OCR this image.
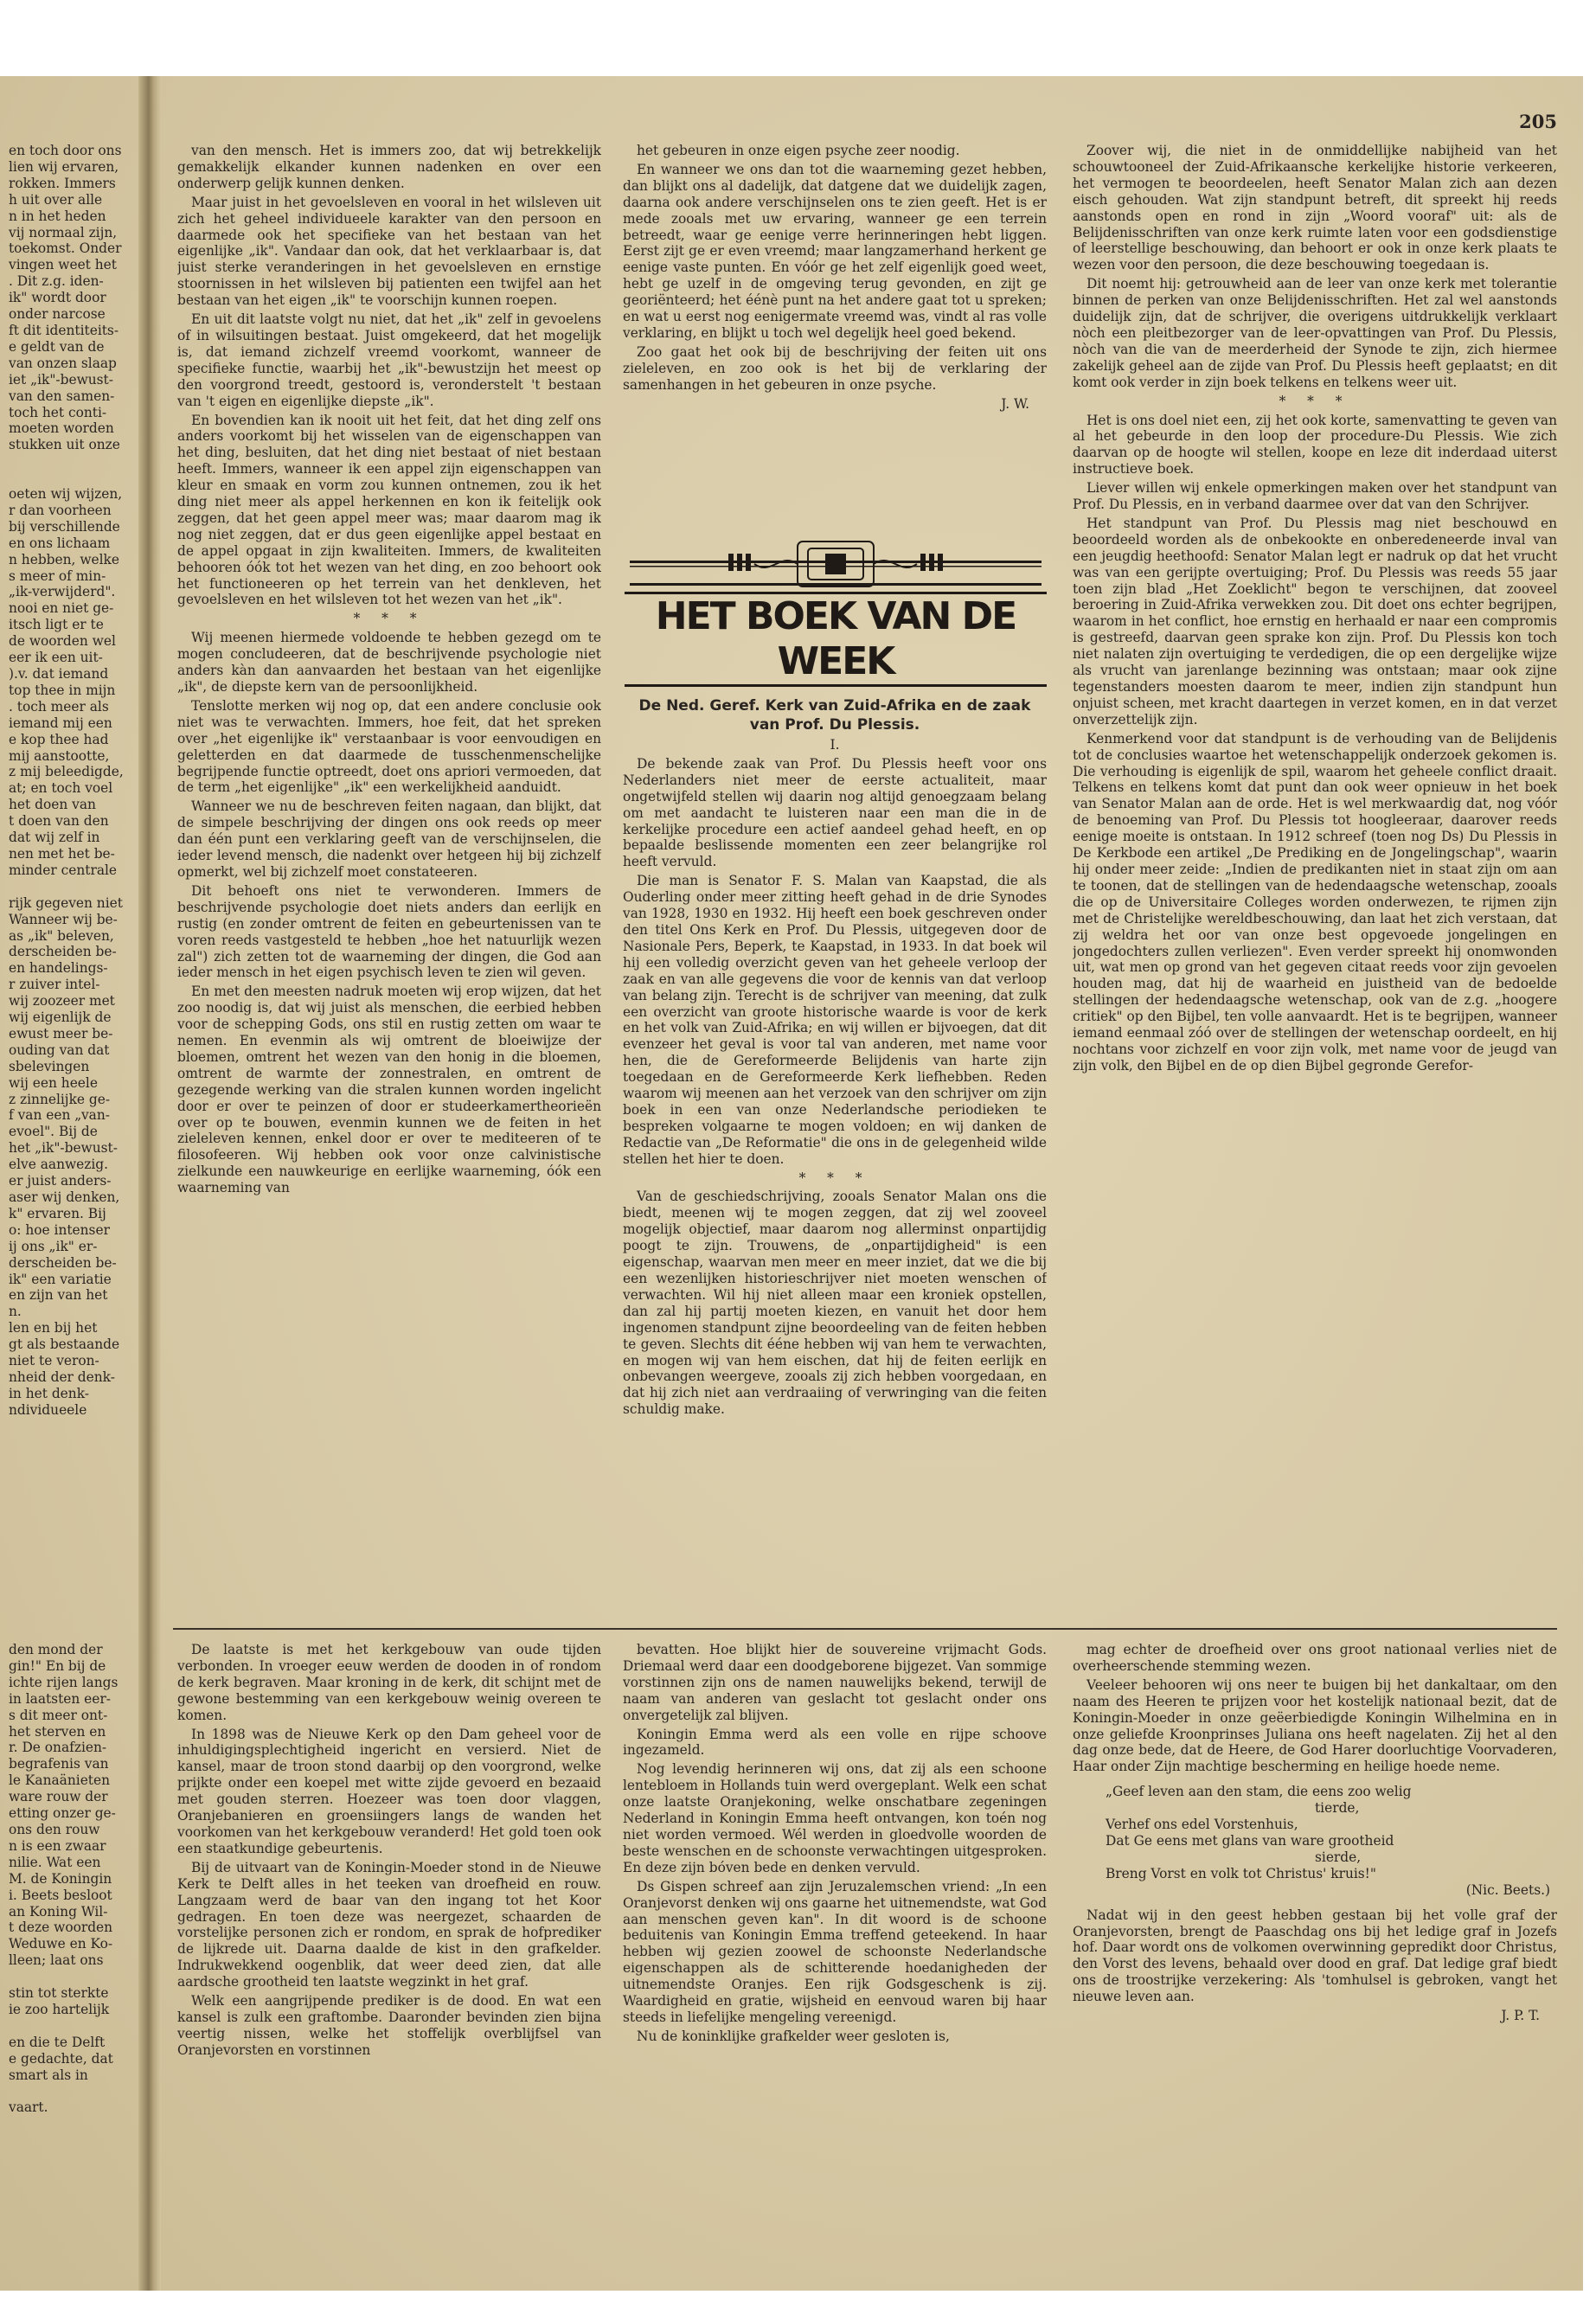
205
en toch door ons
lien wij ervaren,
rokken. Immers
h uit over alle
n in het heden
vij normaal zijn,
toekomst. Onder
vingen weet het
. Dit z.g. iden-
ik" wordt door
onder narcose
ft dit identiteits-
e geldt van de
van onzen slaap
iet „ik"-bewust-
van den samen-
toch het conti-
moeten worden
stukken uit onze

oeten wij wijzen,
r dan voorheen
bij verschillende
en ons lichaam
n hebben, welke
s meer of min-
„ik-verwijderd".
nooi en niet ge-
itsch ligt er te
de woorden wel
eer ik een uit-
).v. dat iemand
top thee in mijn
. toch meer als
iemand mij een
e kop thee had
mij aanstootte,
z mij beleedigde,
at; en toch voel
het doen van
t doen van den
dat wij zelf in
nen met het be-
minder centrale

rijk gegeven niet
Wanneer wij be-
as „ik" beleven,
derscheiden be-
en handelings-
r zuiver intel-
wij zoozeer met
wij eigenlijk de
ewust meer be-
ouding van dat
sbelevingen
wij een heele
z zinnelijke ge-
f van een „van-
evoel". Bij de
het „ik"-bewust-
elve aanwezig.
er juist anders-
aser wij denken,
k" ervaren. Bij
o: hoe intenser
ij ons „ik" er-
derscheiden be-
ik" een variatie
en zijn van het
n.
len en bij het
gt als bestaande
niet te veron-
nheid der denk-
in het denk-
ndividueele
den mond der
gin!" En bij de
ichte rijen langs
in laatsten eer-
s dit meer ont-
het sterven en
r. De onafzien-
begrafenis van
le Kanaänieten
ware rouw der
etting onzer ge-
ons den rouw
n is een zwaar
nilie. Wat een
M. de Koningin
i. Beets besloot
an Koning Wil-
t deze woorden
Weduwe en Ko-
lleen; laat ons

stin tot sterkte
ie zoo hartelijk

en die te Delft
e gedachte, dat
smart als in

vaart.

van den mensch. Het is immers zoo, dat wij betrekkelijk gemakkelijk elkander kunnen nadenken en over een onderwerp gelijk kunnen denken.

Maar juist in het gevoelsleven en vooral in het wilsleven uit zich het geheel individueele karakter van den persoon en daarmede ook het specifieke van het bestaan van het eigenlijke „ik". Vandaar dan ook, dat het verklaarbaar is, dat juist sterke veranderingen in het gevoelsleven en ernstige stoornissen in het wilsleven bij patienten een twijfel aan het bestaan van het eigen „ik" te voorschijn kunnen roepen.

En uit dit laatste volgt nu niet, dat het „ik" zelf in gevoelens of in wilsuitingen bestaat. Juist omgekeerd, dat het mogelijk is, dat iemand zichzelf vreemd voorkomt, wanneer de specifieke functie, waarbij het „ik"-bewustzijn het meest op den voorgrond treedt, gestoord is, veronderstelt 't bestaan van 't eigen en eigenlijke diepste „ik".

En bovendien kan ik nooit uit het feit, dat het ding zelf ons anders voorkomt bij het wisselen van de eigenschappen van het ding, besluiten, dat het ding niet bestaat of niet bestaan heeft. Immers, wanneer ik een appel zijn eigenschappen van kleur en smaak en vorm zou kunnen ontnemen, zou ik het ding niet meer als appel herkennen en kon ik feitelijk ook zeggen, dat het geen appel meer was; maar daarom mag ik nog niet zeggen, dat er dus geen eigenlijke appel bestaat en de appel opgaat in zijn kwaliteiten. Immers, de kwaliteiten behooren óók tot het wezen van het ding, en zoo behoort ook het functioneeren op het terrein van het denkleven, het gevoelsleven en het wilsleven tot het wezen van het „ik".

* * *

Wij meenen hiermede voldoende te hebben gezegd om te mogen concludeeren, dat de beschrijvende psychologie niet anders kàn dan aanvaarden het bestaan van het eigenlijke „ik", de diepste kern van de persoonlijkheid.

Tenslotte merken wij nog op, dat een andere conclusie ook niet was te verwachten. Immers, hoe feit, dat het spreken over „het eigenlijke ik" verstaanbaar is voor eenvoudigen en geletterden en dat daarmede de tusschenmenschelijke begrijpende functie optreedt, doet ons apriori vermoeden, dat de term „het eigenlijke" „ik" een werkelijkheid aanduidt.

Wanneer we nu de beschreven feiten nagaan, dan blijkt, dat de simpele beschrijving der dingen ons ook reeds op meer dan één punt een verklaring geeft van de verschijnselen, die ieder levend mensch, die nadenkt over hetgeen hij bij zichzelf opmerkt, wel bij zichzelf moet constateeren.

Dit behoeft ons niet te verwonderen. Immers de beschrijvende psychologie doet niets anders dan eerlijk en rustig (en zonder omtrent de feiten en gebeurtenissen van te voren reeds vastgesteld te hebben „hoe het natuurlijk wezen zal") zich zetten tot de waarneming der dingen, die God aan ieder mensch in het eigen psychisch leven te zien wil geven.

En met den meesten nadruk moeten wij erop wijzen, dat het zoo noodig is, dat wij juist als menschen, die eerbied hebben voor de schepping Gods, ons stil en rustig zetten om waar te nemen. En evenmin als wij omtrent de bloeiwijze der bloemen, omtrent het wezen van den honig in die bloemen, omtrent de warmte der zonnestralen, en omtrent de gezegende werking van die stralen kunnen worden ingelicht door er over te peinzen of door er studeerkamertheorieën over op te bouwen, evenmin kunnen we de feiten in het zieleleven kennen, enkel door er over te mediteeren of te filosofeeren. Wij hebben ook voor onze calvinistische zielkunde een nauwkeurige en eerlijke waarneming, óók een waarneming van

het gebeuren in onze eigen psyche zeer noodig.

En wanneer we ons dan tot die waarneming gezet hebben, dan blijkt ons al dadelijk, dat datgene dat we duidelijk zagen, daarna ook andere verschijnselen ons te zien geeft. Het is er mede zooals met uw ervaring, wanneer ge een terrein betreedt, waar ge eenige verre herinneringen hebt liggen. Eerst zijt ge er even vreemd; maar langzamerhand herkent ge eenige vaste punten. En vóór ge het zelf eigenlijk goed weet, hebt ge uzelf in de omgeving terug gevonden, en zijt ge georiënteerd; het éénè punt na het andere gaat tot u spreken; en wat u eerst nog eenigermate vreemd was, vindt al ras volle verklaring, en blijkt u toch wel degelijk heel goed bekend.

Zoo gaat het ook bij de beschrijving der feiten uit ons zieleleven, en zoo ook is het bij de verklaring der samenhangen in het gebeuren in onze psyche.

J. W.

HET BOEK VAN DE WEEK

De Ned. Geref. Kerk van Zuid-Afrika en de zaak van Prof. Du Plessis.

I.

De bekende zaak van Prof. Du Plessis heeft voor ons Nederlanders niet meer de eerste actualiteit, maar ongetwijfeld stellen wij daarin nog altijd genoegzaam belang om met aandacht te luisteren naar een man die in de kerkelijke procedure een actief aandeel gehad heeft, en op bepaalde beslissende momenten een zeer belangrijke rol heeft vervuld.

Die man is Senator F. S. Malan van Kaapstad, die als Ouderling onder meer zitting heeft gehad in de drie Synodes van 1928, 1930 en 1932. Hij heeft een boek geschreven onder den titel Ons Kerk en Prof. Du Plessis, uitgegeven door de Nasionale Pers, Beperk, te Kaapstad, in 1933. In dat boek wil hij een volledig overzicht geven van het geheele verloop der zaak en van alle gegevens die voor de kennis van dat verloop van belang zijn. Terecht is de schrijver van meening, dat zulk een overzicht van groote historische waarde is voor de kerk en het volk van Zuid-Afrika; en wij willen er bijvoegen, dat dit evenzeer het geval is voor tal van anderen, met name voor hen, die de Gereformeerde Belijdenis van harte zijn toegedaan en de Gereformeerde Kerk liefhebben. Reden waarom wij meenen aan het verzoek van den schrijver om zijn boek in een van onze Nederlandsche periodieken te bespreken volgaarne te mogen voldoen; en wij danken de Redactie van „De Reformatie" die ons in de gelegenheid wilde stellen het hier te doen.

* * *

Van de geschiedschrijving, zooals Senator Malan ons die biedt, meenen wij te mogen zeggen, dat zij wel zooveel mogelijk objectief, maar daarom nog allerminst onpartijdig poogt te zijn. Trouwens, de „onpartijdigheid" is een eigenschap, waarvan men meer en meer inziet, dat we die bij een wezenlijken historieschrijver niet moeten wenschen of verwachten. Wil hij niet alleen maar een kroniek opstellen, dan zal hij partij moeten kiezen, en vanuit het door hem ingenomen standpunt zijne beoordeeling van de feiten hebben te geven. Slechts dit ééne hebben wij van hem te verwachten, en mogen wij van hem eischen, dat hij de feiten eerlijk en onbevangen weergeve, zooals zij zich hebben voorgedaan, en dat hij zich niet aan verdraaiing of verwringing van die feiten schuldig make.

Zoover wij, die niet in de onmiddellijke nabijheid van het schouwtooneel der Zuid-Afrikaansche kerkelijke historie verkeeren, het vermogen te beoordeelen, heeft Senator Malan zich aan dezen eisch gehouden. Wat zijn standpunt betreft, dit spreekt hij reeds aanstonds open en rond in zijn „Woord vooraf" uit: als de Belijdenisschriften van onze kerk ruimte laten voor een godsdienstige of leerstellige beschouwing, dan behoort er ook in onze kerk plaats te wezen voor den persoon, die deze beschouwing toegedaan is.

Dit noemt hij: getrouwheid aan de leer van onze kerk met tolerantie binnen de perken van onze Belijdenisschriften. Het zal wel aanstonds duidelijk zijn, dat de schrijver, die overigens uitdrukkelijk verklaart nòch een pleitbezorger van de leer-opvattingen van Prof. Du Plessis, nòch van die van de meerderheid der Synode te zijn, zich hiermee zakelijk geheel aan de zijde van Prof. Du Plessis heeft geplaatst; en dit komt ook verder in zijn boek telkens en telkens weer uit.

* * *

Het is ons doel niet een, zij het ook korte, samenvatting te geven van al het gebeurde in den loop der procedure-Du Plessis. Wie zich daarvan op de hoogte wil stellen, koope en leze dit inderdaad uiterst instructieve boek.

Liever willen wij enkele opmerkingen maken over het standpunt van Prof. Du Plessis, en in verband daarmee over dat van den Schrijver.

Het standpunt van Prof. Du Plessis mag niet beschouwd en beoordeeld worden als de onbekookte en onberedeneerde inval van een jeugdig heethoofd: Senator Malan legt er nadruk op dat het vrucht was van een gerijpte overtuiging; Prof. Du Plessis was reeds 55 jaar toen zijn blad „Het Zoeklicht" begon te verschijnen, dat zooveel beroering in Zuid-Afrika verwekken zou. Dit doet ons echter begrijpen, waarom in het conflict, hoe ernstig en herhaald er naar een compromis is gestreefd, daarvan geen sprake kon zijn. Prof. Du Plessis kon toch niet nalaten zijn overtuiging te verdedigen, die op een dergelijke wijze als vrucht van jarenlange bezinning was ontstaan; maar ook zijne tegenstanders moesten daarom te meer, indien zijn standpunt hun onjuist scheen, met kracht daartegen in verzet komen, en in dat verzet onverzettelijk zijn.

Kenmerkend voor dat standpunt is de verhouding van de Belijdenis tot de conclusies waartoe het wetenschappelijk onderzoek gekomen is. Die verhouding is eigenlijk de spil, waarom het geheele conflict draait. Telkens en telkens komt dat punt dan ook weer opnieuw in het boek van Senator Malan aan de orde. Het is wel merkwaardig dat, nog vóór de benoeming van Prof. Du Plessis tot hoogleeraar, daarover reeds eenige moeite is ontstaan. In 1912 schreef (toen nog Ds) Du Plessis in De Kerkbode een artikel „De Prediking en de Jongelingschap", waarin hij onder meer zeide: „Indien de predikanten niet in staat zijn om aan te toonen, dat de stellingen van de hedendaagsche wetenschap, zooals die op de Universitaire Colleges worden onderwezen, te rijmen zijn met de Christelijke wereldbeschouwing, dan laat het zich verstaan, dat zij weldra het oor van onze best opgevoede jongelingen en jongedochters zullen verliezen". Even verder spreekt hij onomwonden uit, wat men op grond van het gegeven citaat reeds voor zijn gevoelen houden mag, dat hij de waarheid en juistheid van de bedoelde stellingen der hedendaagsche wetenschap, ook van de z.g. „hoogere critiek" op den Bijbel, ten volle aanvaardt. Het is te begrijpen, wanneer iemand eenmaal zóó over de stellingen der wetenschap oordeelt, en hij nochtans voor zichzelf en voor zijn volk, met name voor de jeugd van zijn volk, den Bijbel en de op dien Bijbel gegronde Gerefor-

De laatste is met het kerkgebouw van oude tijden verbonden. In vroeger eeuw werden de dooden in of rondom de kerk begraven. Maar kroning in de kerk, dit schijnt met de gewone bestemming van een kerkgebouw weinig overeen te komen.

In 1898 was de Nieuwe Kerk op den Dam geheel voor de inhuldigingsplechtigheid ingericht en versierd. Niet de kansel, maar de troon stond daarbij op den voorgrond, welke prijkte onder een koepel met witte zijde gevoerd en bezaaid met gouden sterren. Hoezeer was toen door vlaggen, Oranjebanieren en groensiingers langs de wanden het voorkomen van het kerkgebouw veranderd! Het gold toen ook een staatkundige gebeurtenis.

Bij de uitvaart van de Koningin-Moeder stond in de Nieuwe Kerk te Delft alles in het teeken van droefheid en rouw. Langzaam werd de baar van den ingang tot het Koor gedragen. En toen deze was neergezet, schaarden de vorstelijke personen zich er rondom, en sprak de hofprediker de lijkrede uit. Daarna daalde de kist in den grafkelder. Indrukwekkend oogenblik, dat weer deed zien, dat alle aardsche grootheid ten laatste wegzinkt in het graf.

Welk een aangrijpende prediker is de dood. En wat een kansel is zulk een graftombe. Daaronder bevinden zien bijna veertig nissen, welke het stoffelijk overblijfsel van Oranjevorsten en vorstinnen

bevatten. Hoe blijkt hier de souvereine vrijmacht Gods. Driemaal werd daar een doodgeborene bijgezet. Van sommige vorstinnen zijn ons de namen nauwelijks bekend, terwijl de naam van anderen van geslacht tot geslacht onder ons onvergetelijk zal blijven.

Koningin Emma werd als een volle en rijpe schoove ingezameld.

Nog levendig herinneren wij ons, dat zij als een schoone lentebloem in Hollands tuin werd overgeplant. Welk een schat onze laatste Oranjekoning, welke onschatbare zegeningen Nederland in Koningin Emma heeft ontvangen, kon toén nog niet worden vermoed. Wél werden in gloedvolle woorden de beste wenschen en de schoonste verwachtingen uitgesproken. En deze zijn bóven bede en denken vervuld.

Ds Gispen schreef aan zijn Jeruzalemschen vriend: „In een Oranjevorst denken wij ons gaarne het uitnemendste, wat God aan menschen geven kan". In dit woord is de schoone beduitenis van Koningin Emma treffend geteekend. In haar hebben wij gezien zoowel de schoonste Nederlandsche eigenschappen als de schitterende hoedanigheden der uitnemendste Oranjes. Een rijk Godsgeschenk is zij. Waardigheid en gratie, wijsheid en eenvoud waren bij haar steeds in liefelijke mengeling vereenigd.

Nu de koninklijke grafkelder weer gesloten is,

mag echter de droefheid over ons groot nationaal verlies niet de overheerschende stemming wezen.

Veeleer behooren wij ons neer te buigen bij het dankaltaar, om den naam des Heeren te prijzen voor het kostelijk nationaal bezit, dat de Koningin-Moeder in onze geëerbiedigde Koningin Wilhelmina en in onze geliefde Kroonprinses Juliana ons heeft nagelaten. Zij het al den dag onze bede, dat de Heere, de God Harer doorluchtige Voorvaderen, Haar onder Zijn machtige bescherming en heilige hoede neme.

„Geef leven aan den stam, die eens zoo welig

tierde,

Verhef ons edel Vorstenhuis,

Dat Ge eens met glans van ware grootheid

sierde,

Breng Vorst en volk tot Christus' kruis!"

(Nic. Beets.)

Nadat wij in den geest hebben gestaan bij het volle graf der Oranjevorsten, brengt de Paaschdag ons bij het ledige graf in Jozefs hof. Daar wordt ons de volkomen overwinning gepredikt door Christus, den Vorst des levens, behaald over dood en graf. Dat ledige graf biedt ons de troostrijke verzekering: Als 'tomhulsel is gebroken, vangt het nieuwe leven aan.

J. P. T.
